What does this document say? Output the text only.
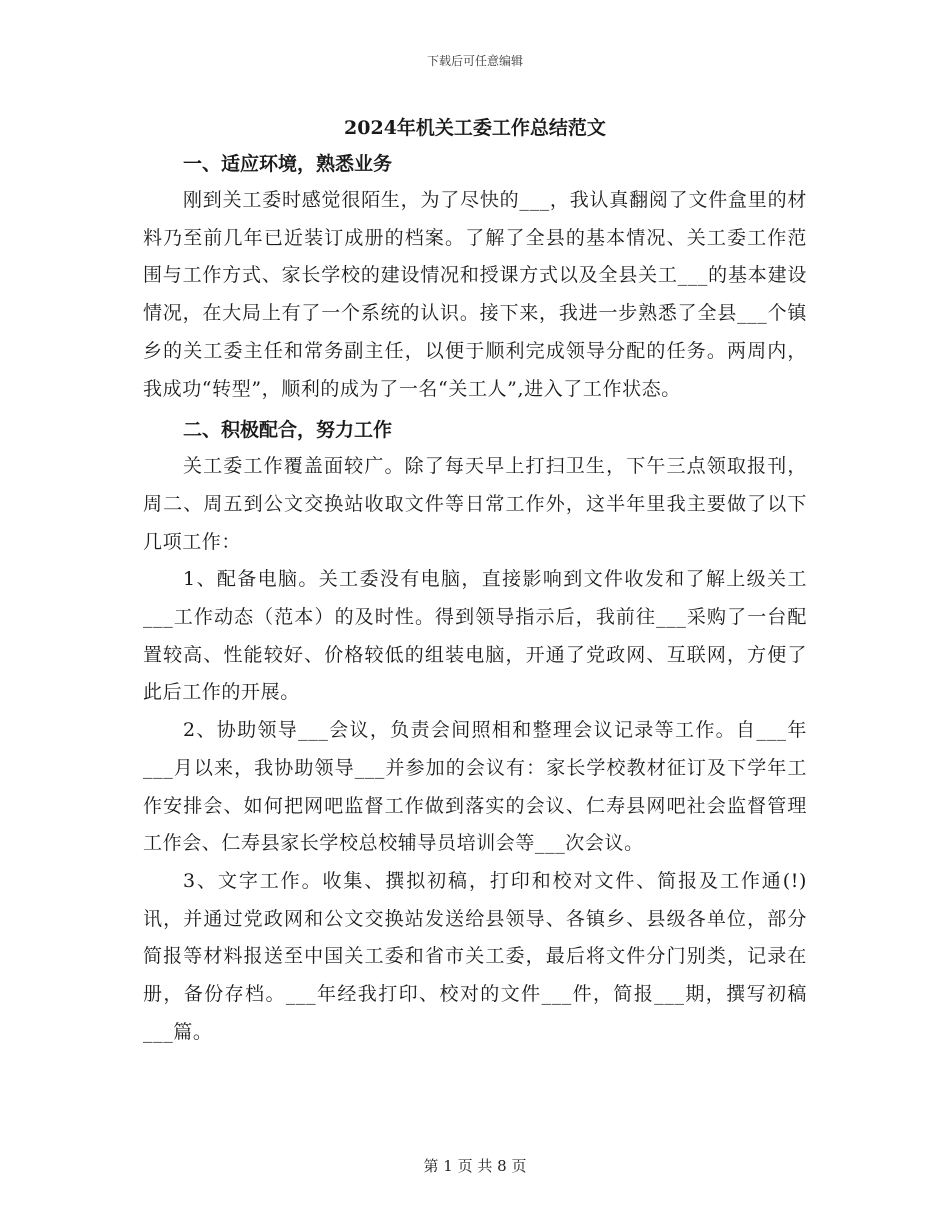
下载后可任意编辑

2024年机关工委工作总结范文

一、适应环境，熟悉业务

刚到关工委时感觉很陌生，为了尽快的___，我认真翻阅了文件盒里的材料乃至前几年已近装订成册的档案。了解了全县的基本情况、关工委工作范围与工作方式、家长学校的建设情况和授课方式以及全县关工___的基本建设情况，在大局上有了一个系统的认识。接下来，我进一步熟悉了全县___个镇乡的关工委主任和常务副主任，以便于顺利完成领导分配的任务。两周内，我成功“转型”，顺利的成为了一名“关工人”,进入了工作状态。

二、积极配合，努力工作

关工委工作覆盖面较广。除了每天早上打扫卫生，下午三点领取报刊，周二、周五到公文交换站收取文件等日常工作外，这半年里我主要做了以下几项工作：

1、配备电脑。关工委没有电脑，直接影响到文件收发和了解上级关工___工作动态（范本）的及时性。得到领导指示后，我前往___采购了一台配置较高、性能较好、价格较低的组装电脑，开通了党政网、互联网，方便了此后工作的开展。

2、协助领导___会议，负责会间照相和整理会议记录等工作。自___年___月以来，我协助领导___并参加的会议有：家长学校教材征订及下学年工作安排会、如何把网吧监督工作做到落实的会议、仁寿县网吧社会监督管理工作会、仁寿县家长学校总校辅导员培训会等___次会议。

3、文字工作。收集、撰拟初稿，打印和校对文件、简报及工作通(!)讯，并通过党政网和公文交换站发送给县领导、各镇乡、县级各单位，部分简报等材料报送至中国关工委和省市关工委，最后将文件分门别类，记录在册，备份存档。___年经我打印、校对的文件___件，简报___期，撰写初稿___篇。

第 1 页 共 8 页
